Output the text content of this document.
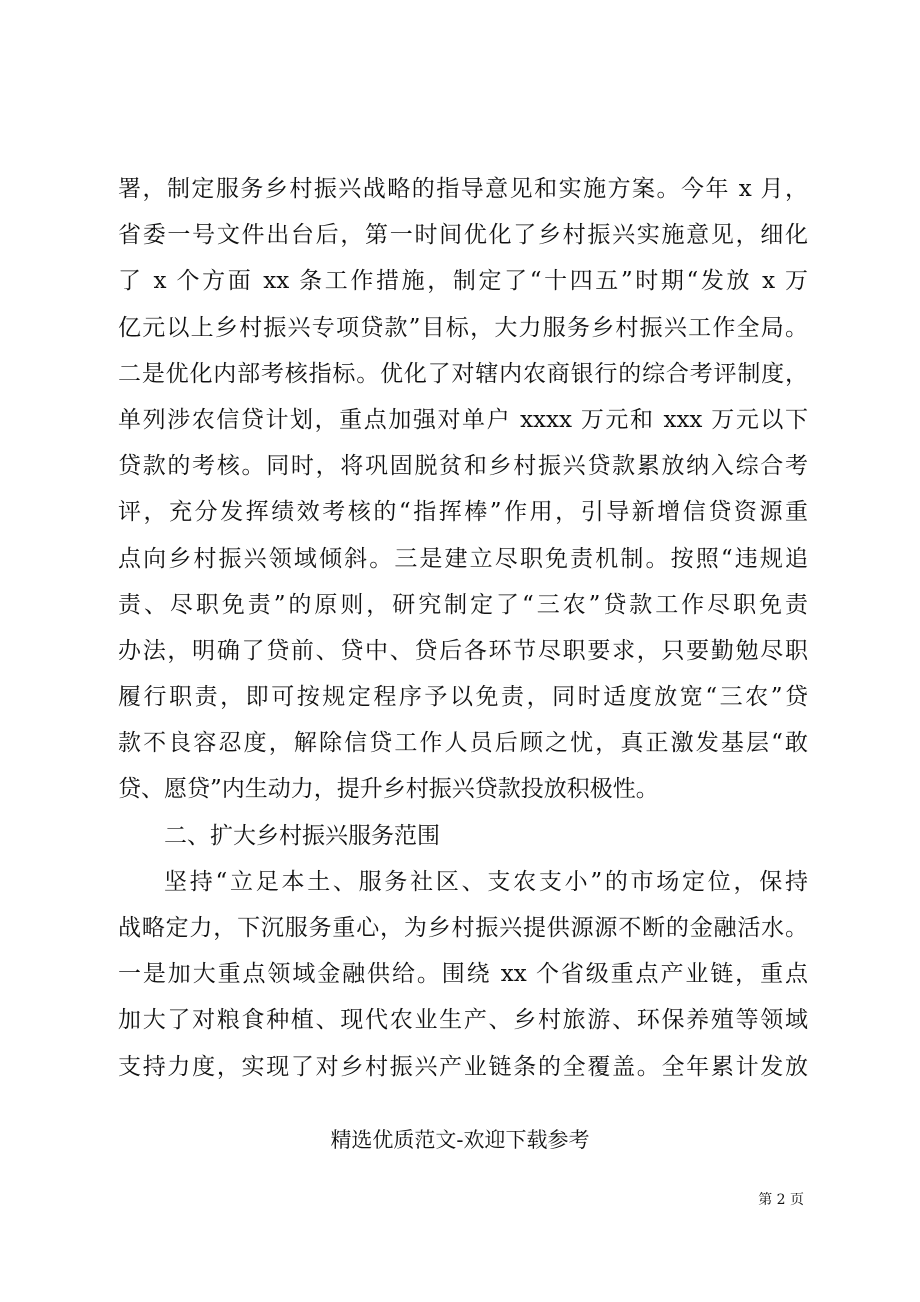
署，制定服务乡村振兴战略的指导意见和实施方案。今年 x 月，
省委一号文件出台后，第一时间优化了乡村振兴实施意见，细化
了 x 个方面 xx 条工作措施，制定了“十四五”时期“发放 x 万
亿元以上乡村振兴专项贷款”目标，大力服务乡村振兴工作全局。
二是优化内部考核指标。优化了对辖内农商银行的综合考评制度，
单列涉农信贷计划，重点加强对单户 xxxx 万元和 xxx 万元以下
贷款的考核。同时，将巩固脱贫和乡村振兴贷款累放纳入综合考
评，充分发挥绩效考核的“指挥棒”作用，引导新增信贷资源重
点向乡村振兴领域倾斜。三是建立尽职免责机制。按照“违规追
责、尽职免责”的原则，研究制定了“三农”贷款工作尽职免责
办法，明确了贷前、贷中、贷后各环节尽职要求，只要勤勉尽职
履行职责，即可按规定程序予以免责，同时适度放宽“三农”贷
款不良容忍度，解除信贷工作人员后顾之忧，真正激发基层“敢
贷、愿贷”内生动力，提升乡村振兴贷款投放积极性。
二、扩大乡村振兴服务范围
坚持“立足本土、服务社区、支农支小”的市场定位，保持
战略定力，下沉服务重心，为乡村振兴提供源源不断的金融活水。
一是加大重点领域金融供给。围绕 xx 个省级重点产业链，重点
加大了对粮食种植、现代农业生产、乡村旅游、环保养殖等领域
支持力度，实现了对乡村振兴产业链条的全覆盖。全年累计发放
精选优质范文-欢迎下载参考
第 2 页
